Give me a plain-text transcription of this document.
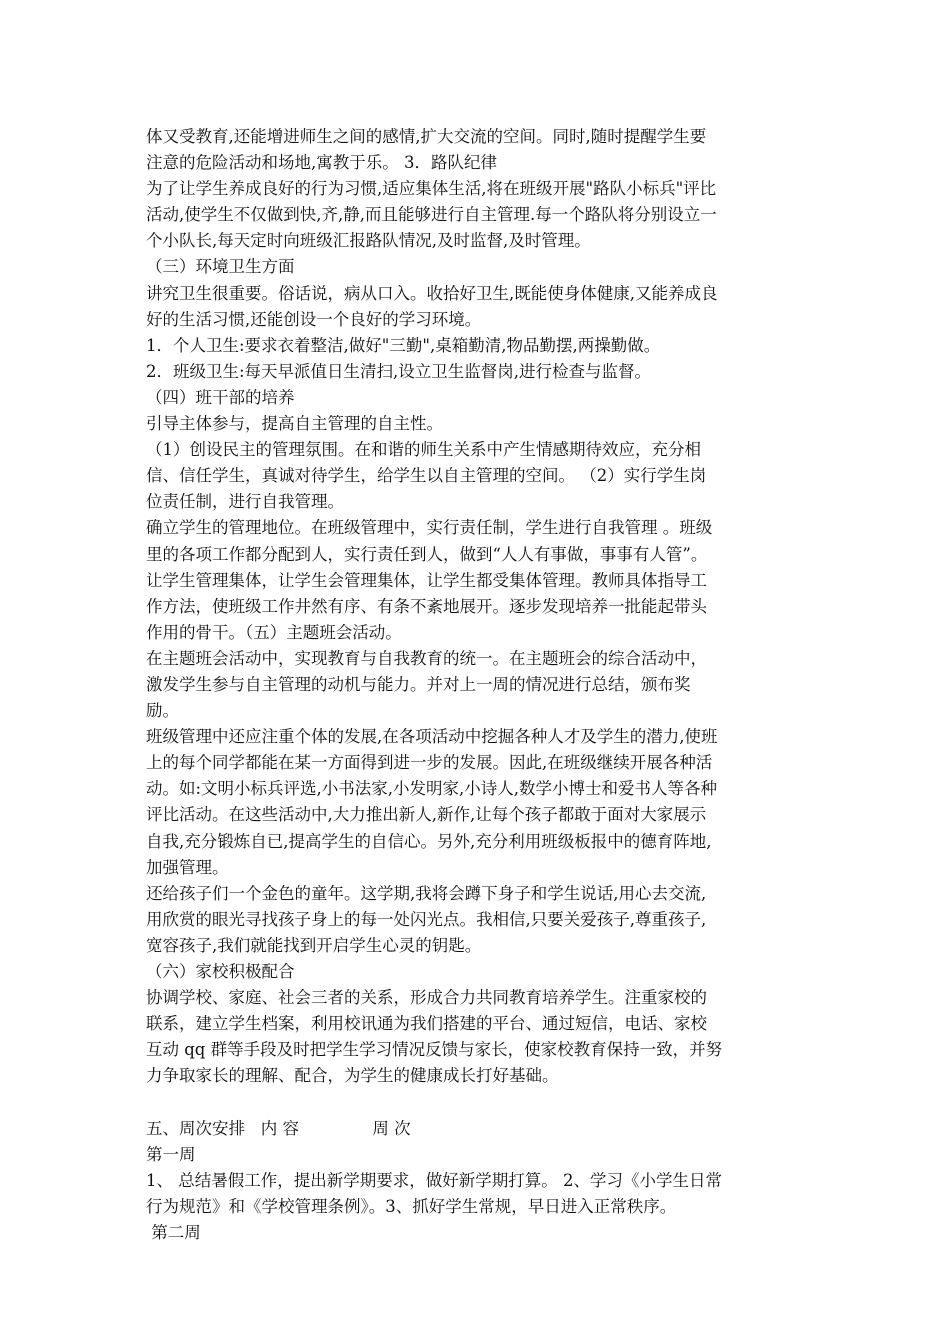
体又受教育,还能增进师生之间的感情,扩大交流的空间。同时,随时提醒学生要
注意的危险活动和场地,寓教于乐。 3．路队纪律
为了让学生养成良好的行为习惯,适应集体生活,将在班级开展"路队小标兵"评比
活动,使学生不仅做到快,齐,静,而且能够进行自主管理.每一个路队将分别设立一
个小队长,每天定时向班级汇报路队情况,及时监督,及时管理。
（三）环境卫生方面
讲究卫生很重要。俗话说，病从口入。收拾好卫生,既能使身体健康,又能养成良
好的生活习惯,还能创设一个良好的学习环境。
1．个人卫生:要求衣着整洁,做好"三勤",桌箱勤清,物品勤摆,两操勤做。
2．班级卫生:每天早派值日生清扫,设立卫生监督岗,进行检查与监督。
（四）班干部的培养
引导主体参与，提高自主管理的自主性。
（1）创设民主的管理氛围。在和谐的师生关系中产生情感期待效应，充分相
信、信任学生，真诚对待学生，给学生以自主管理的空间。 （2）实行学生岗
位责任制，进行自我管理。
确立学生的管理地位。在班级管理中，实行责任制，学生进行自我管理 。班级
里的各项工作都分配到人，实行责任到人，做到“人人有事做，事事有人管”。
让学生管理集体，让学生会管理集体，让学生都受集体管理。教师具体指导工
作方法，使班级工作井然有序、有条不紊地展开。逐步发现培养一批能起带头
作用的骨干。（五）主题班会活动。
在主题班会活动中，实现教育与自我教育的统一。在主题班会的综合活动中，
激发学生参与自主管理的动机与能力。并对上一周的情况进行总结，颁布奖
励。
班级管理中还应注重个体的发展,在各项活动中挖掘各种人才及学生的潜力,使班
上的每个同学都能在某一方面得到进一步的发展。因此,在班级继续开展各种活
动。如:文明小标兵评选,小书法家,小发明家,小诗人,数学小博士和爱书人等各种
评比活动。在这些活动中,大力推出新人,新作,让每个孩子都敢于面对大家展示
自我,充分锻炼自已,提高学生的自信心。另外,充分利用班级板报中的德育阵地,
加强管理。
还给孩子们一个金色的童年。这学期,我将会蹲下身子和学生说话,用心去交流,
用欣赏的眼光寻找孩子身上的每一处闪光点。我相信,只要关爱孩子,尊重孩子,
宽容孩子,我们就能找到开启学生心灵的钥匙。
（六）家校积极配合
协调学校、家庭、社会三者的关系，形成合力共同教育培养学生。注重家校的
联系，建立学生档案，利用校讯通为我们搭建的平台、通过短信，电话、家校
互动 qq 群等手段及时把学生学习情况反馈与家长，使家校教育保持一致，并努
力争取家长的理解、配合，为学生的健康成长打好基础。
五、周次安排   内 容              周 次
第一周
1、 总结暑假工作，提出新学期要求，做好新学期打算。 2、学习《小学生日常
行为规范》和《学校管理条例》。3、抓好学生常规，早日进入正常秩序。
第二周
